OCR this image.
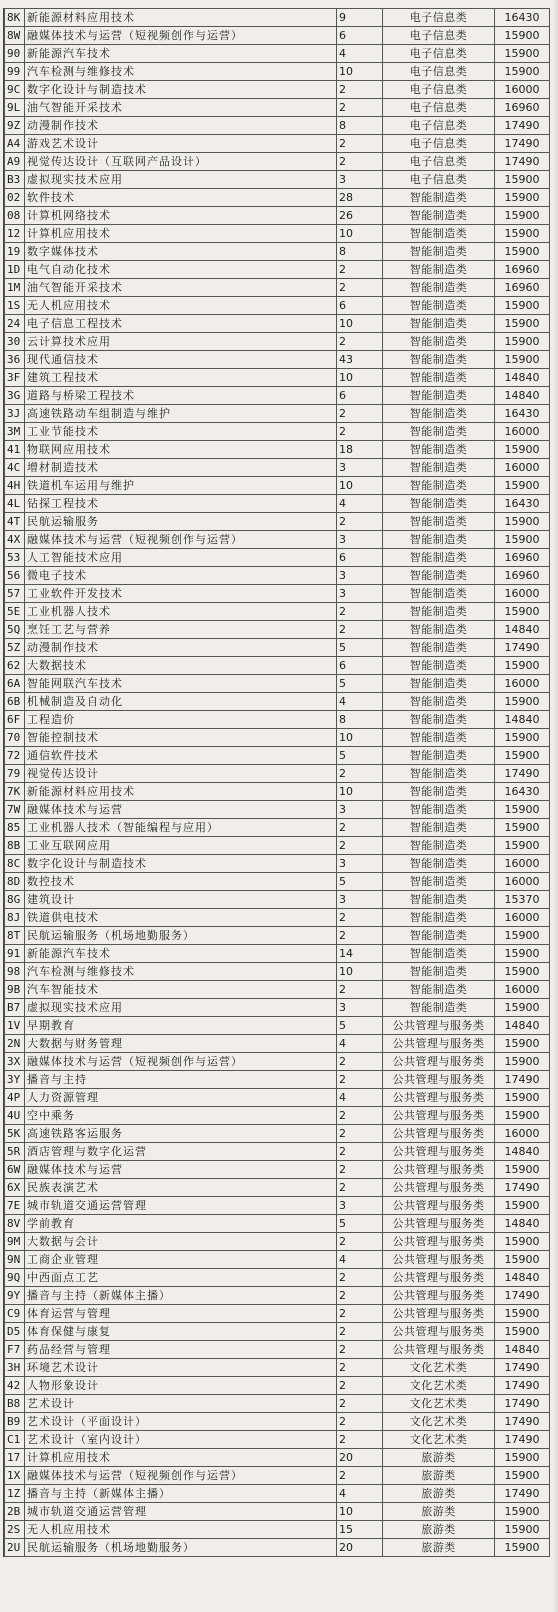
8K	新能源材料应用技术	9	电子信息类	16430
8W	融媒体技术与运营（短视频创作与运营）	6	电子信息类	15900
90	新能源汽车技术	4	电子信息类	15900
99	汽车检测与维修技术	10	电子信息类	15900
9C	数字化设计与制造技术	2	电子信息类	16000
9L	油气智能开采技术	2	电子信息类	16960
9Z	动漫制作技术	8	电子信息类	17490
A4	游戏艺术设计	2	电子信息类	17490
A9	视觉传达设计（互联网产品设计）	2	电子信息类	17490
B3	虚拟现实技术应用	3	电子信息类	15900
02	软件技术	28	智能制造类	15900
08	计算机网络技术	26	智能制造类	15900
12	计算机应用技术	10	智能制造类	15900
19	数字媒体技术	8	智能制造类	15900
1D	电气自动化技术	2	智能制造类	16960
1M	油气智能开采技术	2	智能制造类	16960
1S	无人机应用技术	6	智能制造类	15900
24	电子信息工程技术	10	智能制造类	15900
30	云计算技术应用	2	智能制造类	15900
36	现代通信技术	43	智能制造类	15900
3F	建筑工程技术	10	智能制造类	14840
3G	道路与桥梁工程技术	6	智能制造类	14840
3J	高速铁路动车组制造与维护	2	智能制造类	16430
3M	工业节能技术	2	智能制造类	16000
41	物联网应用技术	18	智能制造类	15900
4C	增材制造技术	3	智能制造类	16000
4H	铁道机车运用与维护	10	智能制造类	15900
4L	钻探工程技术	4	智能制造类	16430
4T	民航运输服务	2	智能制造类	15900
4X	融媒体技术与运营（短视频创作与运营）	3	智能制造类	15900
53	人工智能技术应用	6	智能制造类	16960
56	微电子技术	3	智能制造类	16960
57	工业软件开发技术	3	智能制造类	16000
5E	工业机器人技术	2	智能制造类	15900
5Q	烹饪工艺与营养	2	智能制造类	14840
5Z	动漫制作技术	5	智能制造类	17490
62	大数据技术	6	智能制造类	15900
6A	智能网联汽车技术	5	智能制造类	16000
6B	机械制造及自动化	4	智能制造类	15900
6F	工程造价	8	智能制造类	14840
70	智能控制技术	10	智能制造类	15900
72	通信软件技术	5	智能制造类	15900
79	视觉传达设计	2	智能制造类	17490
7K	新能源材料应用技术	10	智能制造类	16430
7W	融媒体技术与运营	3	智能制造类	15900
85	工业机器人技术（智能编程与应用）	2	智能制造类	15900
8B	工业互联网应用	2	智能制造类	15900
8C	数字化设计与制造技术	3	智能制造类	16000
8D	数控技术	5	智能制造类	16000
8G	建筑设计	3	智能制造类	15370
8J	铁道供电技术	2	智能制造类	16000
8T	民航运输服务（机场地勤服务）	2	智能制造类	15900
91	新能源汽车技术	14	智能制造类	15900
98	汽车检测与维修技术	10	智能制造类	15900
9B	汽车智能技术	2	智能制造类	16000
B7	虚拟现实技术应用	3	智能制造类	15900
1V	早期教育	5	公共管理与服务类	14840
2N	大数据与财务管理	4	公共管理与服务类	15900
3X	融媒体技术与运营（短视频创作与运营）	2	公共管理与服务类	15900
3Y	播音与主持	2	公共管理与服务类	17490
4P	人力资源管理	4	公共管理与服务类	15900
4U	空中乘务	2	公共管理与服务类	15900
5K	高速铁路客运服务	2	公共管理与服务类	16000
5R	酒店管理与数字化运营	2	公共管理与服务类	14840
6W	融媒体技术与运营	2	公共管理与服务类	15900
6X	民族表演艺术	2	公共管理与服务类	17490
7E	城市轨道交通运营管理	3	公共管理与服务类	15900
8V	学前教育	5	公共管理与服务类	14840
9M	大数据与会计	2	公共管理与服务类	15900
9N	工商企业管理	4	公共管理与服务类	15900
9Q	中西面点工艺	2	公共管理与服务类	14840
9Y	播音与主持（新媒体主播）	2	公共管理与服务类	17490
C9	体育运营与管理	2	公共管理与服务类	15900
D5	体育保健与康复	2	公共管理与服务类	15900
F7	药品经营与管理	2	公共管理与服务类	14840
3H	环境艺术设计	2	文化艺术类	17490
42	人物形象设计	2	文化艺术类	17490
B8	艺术设计	2	文化艺术类	17490
B9	艺术设计（平面设计）	2	文化艺术类	17490
C1	艺术设计（室内设计）	2	文化艺术类	17490
17	计算机应用技术	20	旅游类	15900
1X	融媒体技术与运营（短视频创作与运营）	2	旅游类	15900
1Z	播音与主持（新媒体主播）	4	旅游类	17490
2B	城市轨道交通运营管理	10	旅游类	15900
2S	无人机应用技术	15	旅游类	15900
2U	民航运输服务（机场地勤服务）	20	旅游类	15900
